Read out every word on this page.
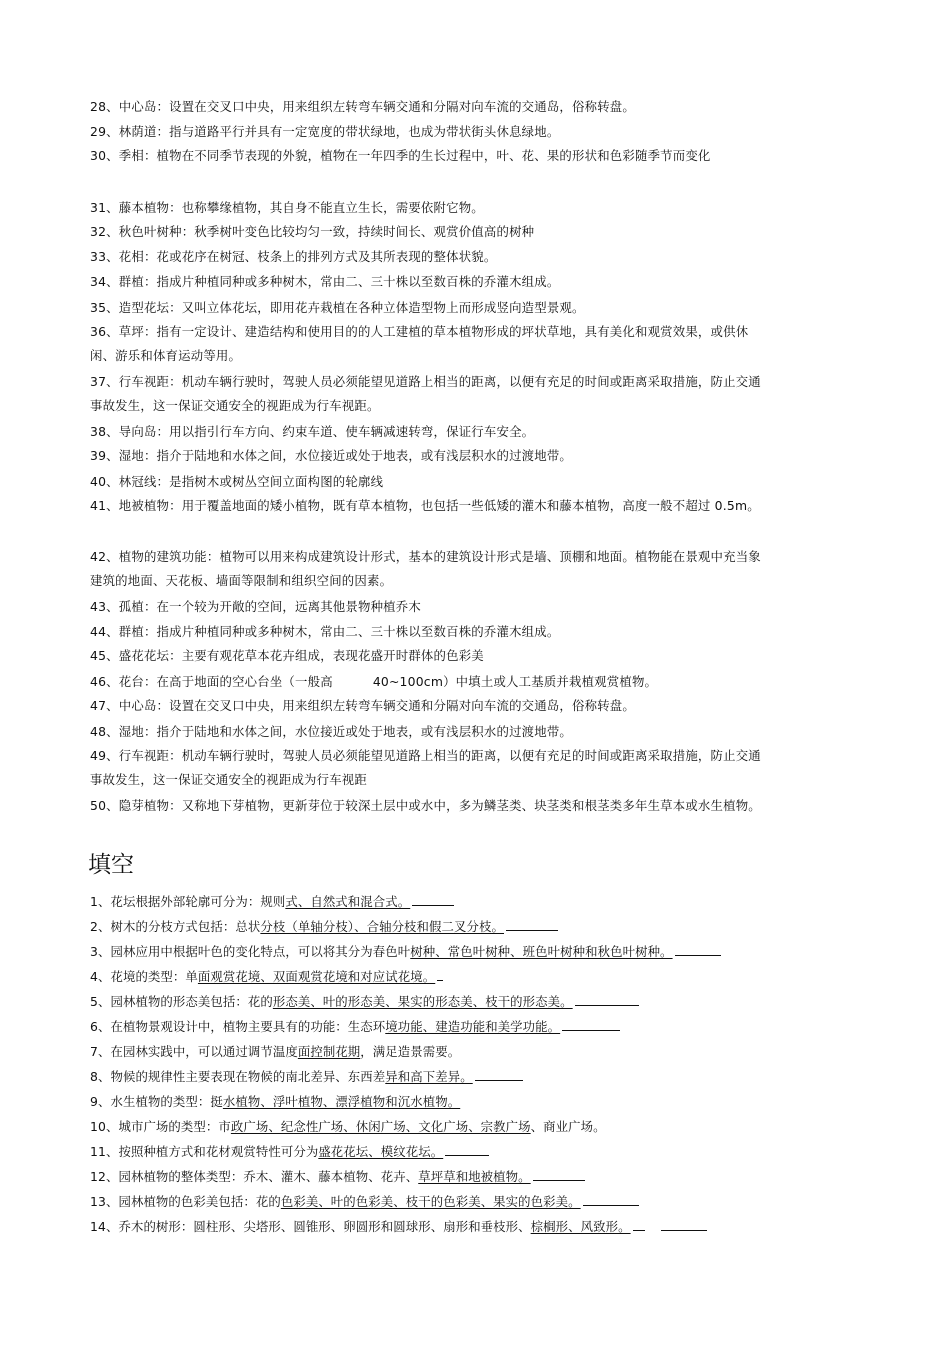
28、中心岛：设置在交叉口中央，用来组织左转弯车辆交通和分隔对向车流的交通岛，俗称转盘。
29、林荫道：指与道路平行并具有一定宽度的带状绿地，也成为带状街头休息绿地。
30、季相：植物在不同季节表现的外貌，植物在一年四季的生长过程中，叶、花、果的形状和色彩随季节而变化
31、藤本植物：也称攀缘植物，其自身不能直立生长，需要依附它物。
32、秋色叶树种：秋季树叶变色比较均匀一致，持续时间长、观赏价值高的树种
33、花相：花或花序在树冠、枝条上的排列方式及其所表现的整体状貌。
34、群植：指成片种植同种或多种树木，常由二、三十株以至数百株的乔灌木组成。
35、造型花坛：又叫立体花坛，即用花卉栽植在各种立体造型物上而形成竖向造型景观。
36、草坪：指有一定设计、建造结构和使用目的的人工建植的草本植物形成的坪状草地，具有美化和观赏效果，或供休闲、游乐和体育运动等用。
37、行车视距：机动车辆行驶时，驾驶人员必须能望见道路上相当的距离，以便有充足的时间或距离采取措施，防止交通事故发生，这一保证交通安全的视距成为行车视距。
38、导向岛：用以指引行车方向、约束车道、使车辆减速转弯，保证行车安全。
39、湿地：指介于陆地和水体之间，水位接近或处于地表，或有浅层积水的过渡地带。
40、林冠线：是指树木或树丛空间立面构图的轮廓线
41、地被植物：用于覆盖地面的矮小植物，既有草本植物，也包括一些低矮的灌木和藤本植物，高度一般不超过 0.5m。
42、植物的建筑功能：植物可以用来构成建筑设计形式，基本的建筑设计形式是墙、顶棚和地面。植物能在景观中充当象建筑的地面、天花板、墙面等限制和组织空间的因素。
43、孤植：在一个较为开敞的空间，远离其他景物种植乔木
44、群植：指成片种植同种或多种树木，常由二、三十株以至数百株的乔灌木组成。
45、盛花花坛：主要有观花草本花卉组成，表现花盛开时群体的色彩美
46、花台：在高于地面的空心台坐（一般高	40~100cm）中填土或人工基质并栽植观赏植物。
47、中心岛：设置在交叉口中央，用来组织左转弯车辆交通和分隔对向车流的交通岛，俗称转盘。
48、湿地：指介于陆地和水体之间，水位接近或处于地表，或有浅层积水的过渡地带。
49、行车视距：机动车辆行驶时，驾驶人员必须能望见道路上相当的距离，以便有充足的时间或距离采取措施，防止交通事故发生，这一保证交通安全的视距成为行车视距
50、隐芽植物：又称地下芽植物，更新芽位于较深土层中或水中，多为鳞茎类、块茎类和根茎类多年生草本或水生植物。
填空
1、花坛根据外部轮廓可分为：规则式、自然式和混合式。
2、树木的分枝方式包括：总状分枝（单轴分枝）、合轴分枝和假二叉分枝。
3、园林应用中根据叶色的变化特点，可以将其分为春色叶树种、常色叶树种、班色叶树种和秋色叶树种。
4、花境的类型：单面观赏花境、双面观赏花境和对应试花境。
5、园林植物的形态美包括：花的形态美、叶的形态美、果实的形态美、枝干的形态美。
6、在植物景观设计中，植物主要具有的功能：生态环境功能、建造功能和美学功能。
7、在园林实践中，可以通过调节温度面控制花期，满足造景需要。
8、物候的规律性主要表现在物候的南北差异、东西差异和高下差异。
9、水生植物的类型：挺水植物、浮叶植物、漂浮植物和沉水植物。
10、城市广场的类型：市政广场、纪念性广场、休闲广场、文化广场、宗教广场、商业广场。
11、按照种植方式和花材观赏特性可分为盛花花坛、模纹花坛。
12、园林植物的整体类型：乔木、灌木、藤本植物、花卉、草坪草和地被植物。
13、园林植物的色彩美包括：花的色彩美、叶的色彩美、枝干的色彩美、果实的色彩美。
14、乔木的树形：圆柱形、尖塔形、圆锥形、卵圆形和圆球形、扇形和垂枝形、棕榈形、风致形。
